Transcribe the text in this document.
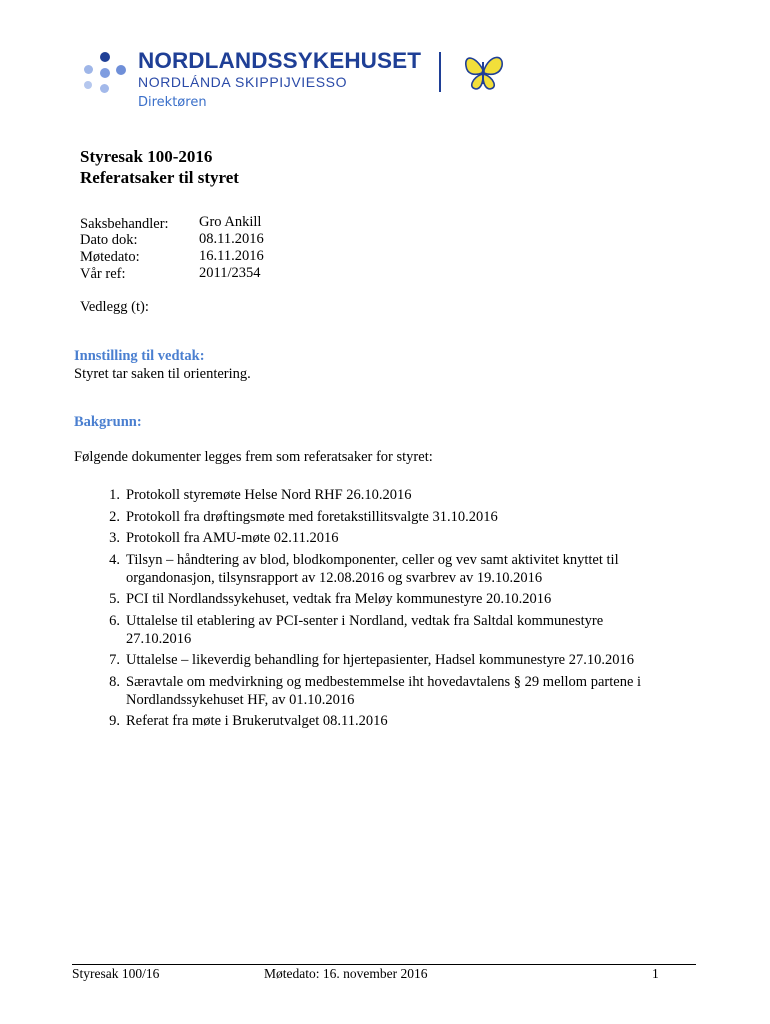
NORDLANDSSYKEHUSET
NORDLÁNDA SKIPPIJVIESSO
Direktøren
Styresak 100-2016
Referatsaker til styret
Saksbehandler: Gro Ankill
Dato dok:	08.11.2016
Møtedato:	16.11.2016
Vår ref:	2011/2354
Vedlegg (t):
Innstilling til vedtak:
Styret tar saken til orientering.
Bakgrunn:
Følgende dokumenter legges frem som referatsaker for styret:
1. Protokoll styremøte Helse Nord RHF 26.10.2016
2. Protokoll fra drøftingsmøte med foretakstillitsvalgte 31.10.2016
3. Protokoll fra AMU-møte 02.11.2016
4. Tilsyn – håndtering av blod, blodkomponenter, celler og vev samt aktivitet knyttet til
organdonasjon, tilsynsrapport av 12.08.2016 og svarbrev av 19.10.2016
5. PCI til Nordlandssykehuset, vedtak fra Meløy kommunestyre 20.10.2016
6. Uttalelse til etablering av PCI-senter i Nordland, vedtak fra Saltdal kommunestyre
27.10.2016
7. Uttalelse – likeverdig behandling for hjertepasienter, Hadsel kommunestyre 27.10.2016
8. Særavtale om medvirkning og medbestemmelse iht hovedavtalens § 29 mellom partene i
Nordlandssykehuset HF, av 01.10.2016
9. Referat fra møte i Brukerutvalget 08.11.2016
Styresak 100/16	Møtedato: 16. november 2016	1
